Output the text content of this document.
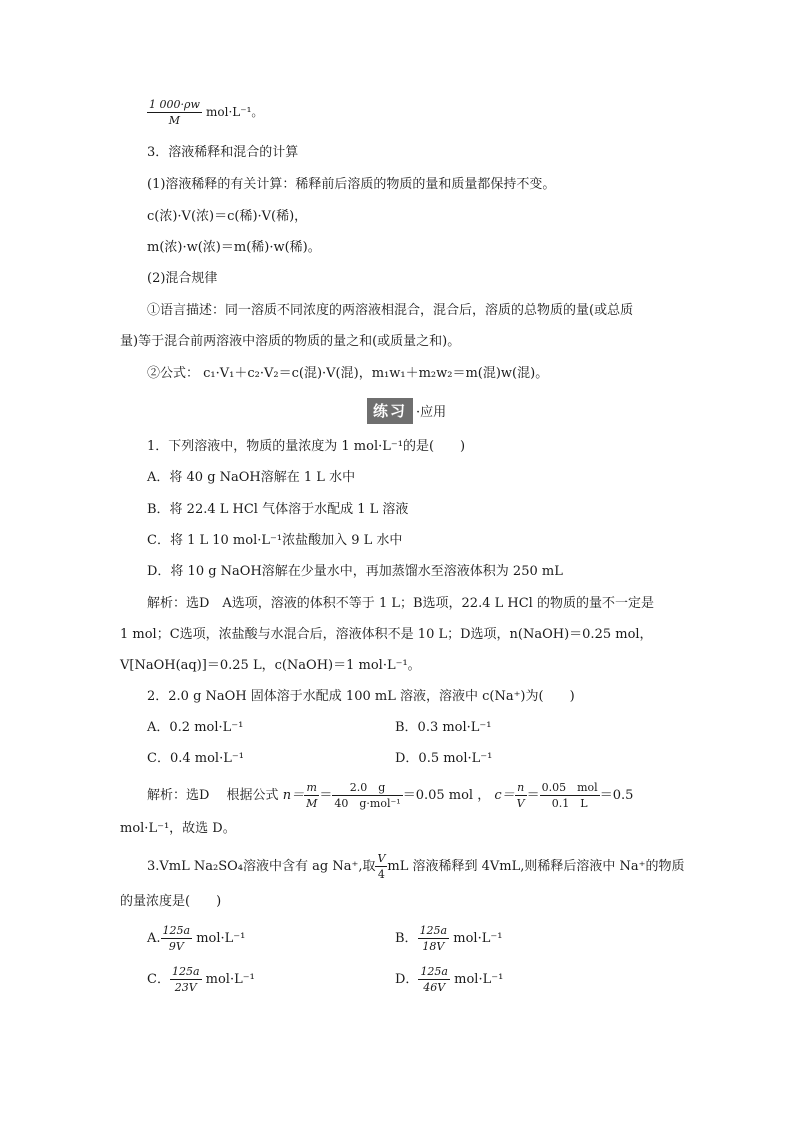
$\frac{1 000\cdot\rho w}{M} mol\cdot L^{-1}$。
3．溶液稀释和混合的计算
(1)溶液稀释的有关计算：稀释前后溶质的物质的量和质量都保持不变。
c(浓)·V(浓)＝c(稀)·V(稀)，
m(浓)·w(浓)＝m(稀)·w(稀)。
(2)混合规律
①语言描述：同一溶质不同浓度的两溶液相混合，混合后，溶质的总物质的量(或总质
量)等于混合前两溶液中溶质的物质的量之和(或质量之和)。
②公式： c₁·V₁＋c₂·V₂＝c(混)·V(混)，m₁w₁＋m₂w₂＝m(混)w(混)。
练习 ·应用
1．下列溶液中，物质的量浓度为 1 mol·L⁻¹的是(　　)
A．将 40 g NaOH溶解在 1 L 水中
B．将 22.4 L HCl 气体溶于水配成 1 L 溶液
C．将 1 L 10 mol·L⁻¹浓盐酸加入 9 L 水中
D．将 10 g NaOH溶解在少量水中，再加蒸馏水至溶液体积为 250 mL
解析：选D　A选项，溶液的体积不等于 1 L；B选项，22.4 L HCl 的物质的量不一定是
1 mol；C选项，浓盐酸与水混合后，溶液体积不是 10 L；D选项，n(NaOH)＝0.25 mol，
V[NaOH(aq)]＝0.25 L，c(NaOH)＝1 mol·L⁻¹。
2．2.0 g NaOH 固体溶于水配成 100 mL 溶液，溶液中 c(Na⁺)为(　　)
A．0.2 mol·L⁻¹	B．0.3 mol·L⁻¹
C．0.4 mol·L⁻¹	D．0.5 mol·L⁻¹
解析：选D　 根据公式 $n= \frac{m}{M} = \frac{2.0 g}{\text{40　g·mol⁻¹}} =0.05$ mol ， $c= \frac{n}{V} = \frac{\text{0.05　mol}}{0.1 L} =0.5$
mol·L⁻¹，故选 D。
3.VmL Na₂SO₄溶液中含有 ag Na⁺,取 $\frac{V}{4}$ mL 溶液稀释到 4VmL,则稀释后溶液中 Na⁺的物质
的量浓度是(　　)
A. $\frac{125a}{9V} mol\cdot L^{-1}$	B． $\frac{125a}{18V} mol\cdot L^{-1}$
C． $\frac{125a}{23V} mol\cdot L^{-1}$	D． $\frac{125a}{46V} mol\cdot L^{-1}$
